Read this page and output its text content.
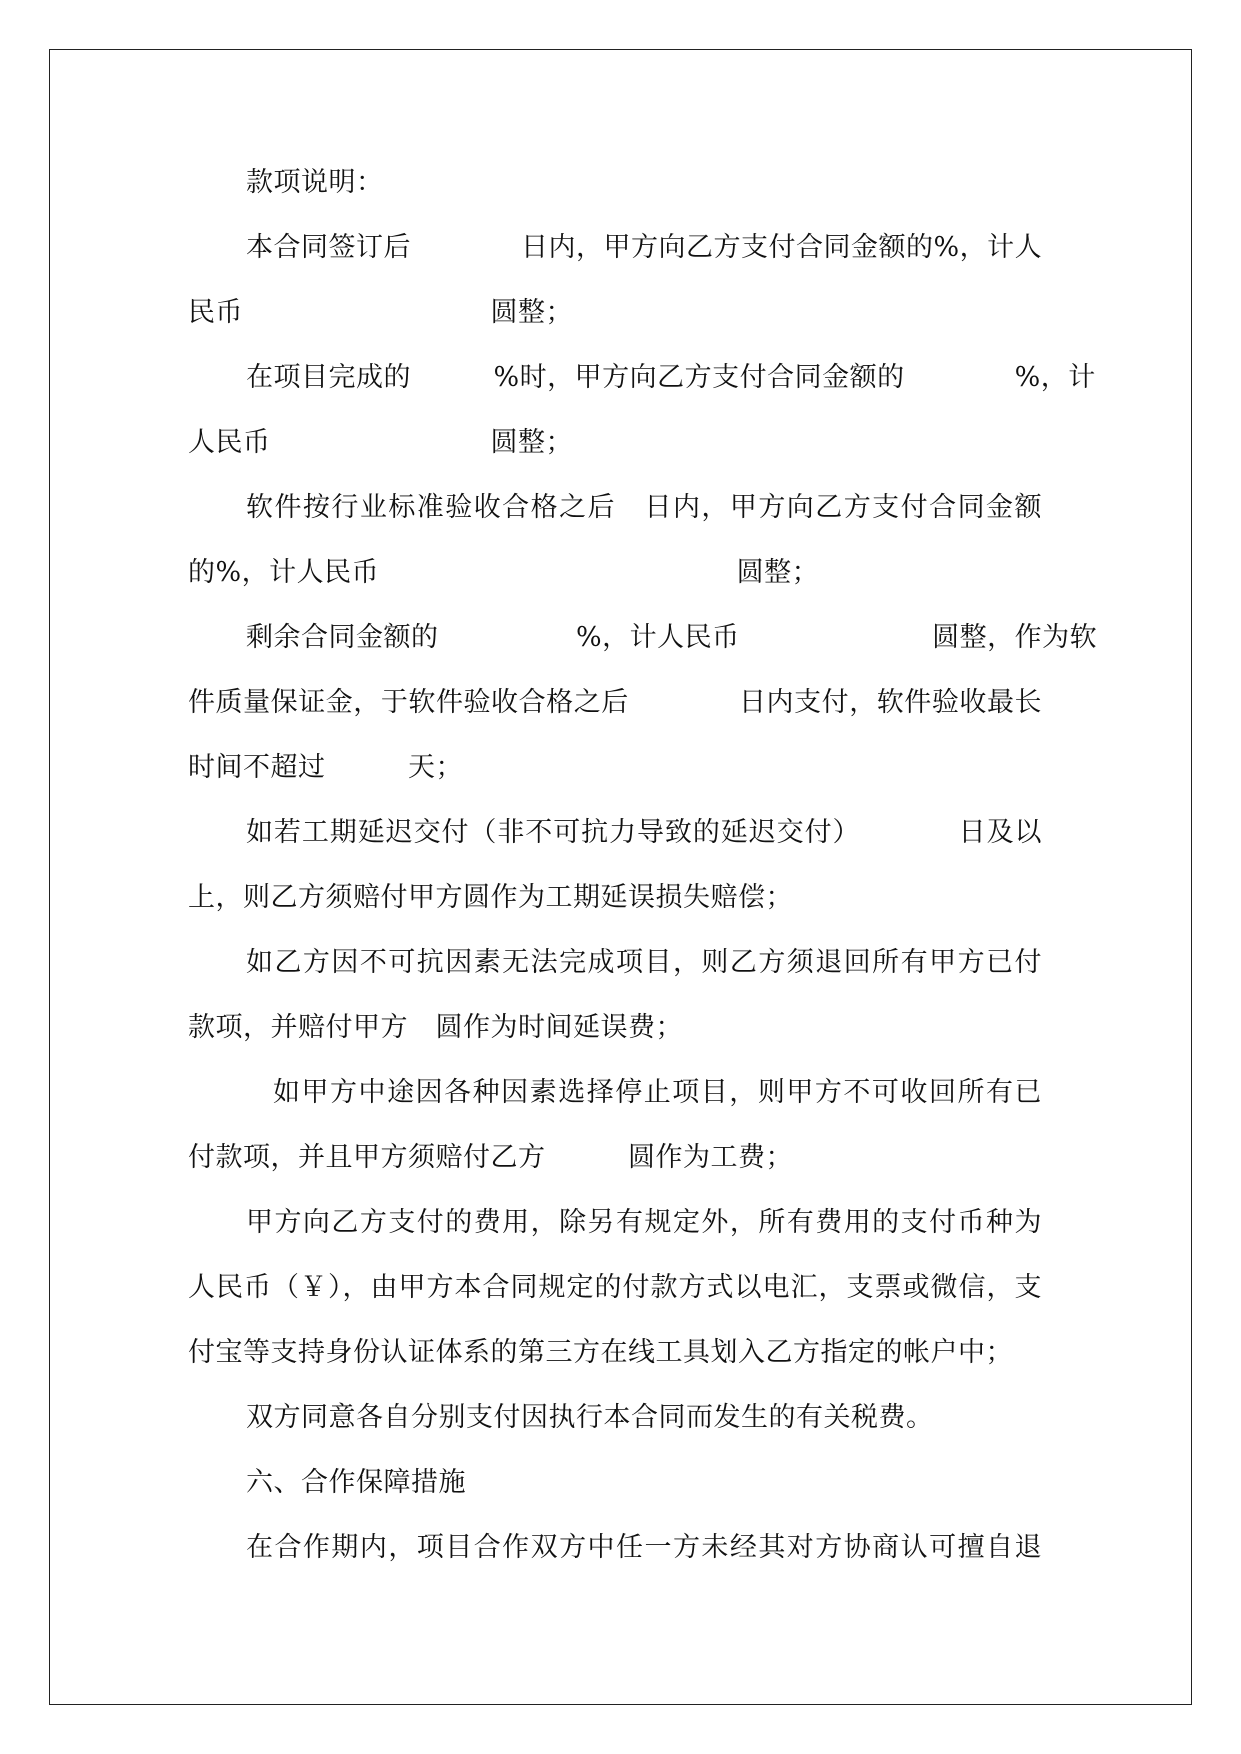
款项说明：
本合同签订后　　　　日内，甲方向乙方支付合同金额的%，计人
民币　　　　　　　　　圆整；
在项目完成的　　　%时，甲方向乙方支付合同金额的　　　　%，计
人民币　　　　　　　　圆整；
软件按行业标准验收合格之后　日内，甲方向乙方支付合同金额
的%，计人民币　　　　　　　　　　　　　圆整；
剩余合同金额的　　　　　%，计人民币　　　　　　　圆整，作为软
件质量保证金，于软件验收合格之后　　　　日内支付，软件验收最长
时间不超过　　　天；
如若工期延迟交付（非不可抗力导致的延迟交付）　　　　日及以
上，则乙方须赔付甲方圆作为工期延误损失赔偿；
如乙方因不可抗因素无法完成项目，则乙方须退回所有甲方已付
款项，并赔付甲方　圆作为时间延误费；
如甲方中途因各种因素选择停止项目，则甲方不可收回所有已
付款项，并且甲方须赔付乙方　　　圆作为工费；
甲方向乙方支付的费用，除另有规定外，所有费用的支付币种为
人民币（￥），由甲方本合同规定的付款方式以电汇，支票或微信，支
付宝等支持身份认证体系的第三方在线工具划入乙方指定的帐户中；
双方同意各自分别支付因执行本合同而发生的有关税费。
六、合作保障措施
在合作期内，项目合作双方中任一方未经其对方协商认可擅自退
